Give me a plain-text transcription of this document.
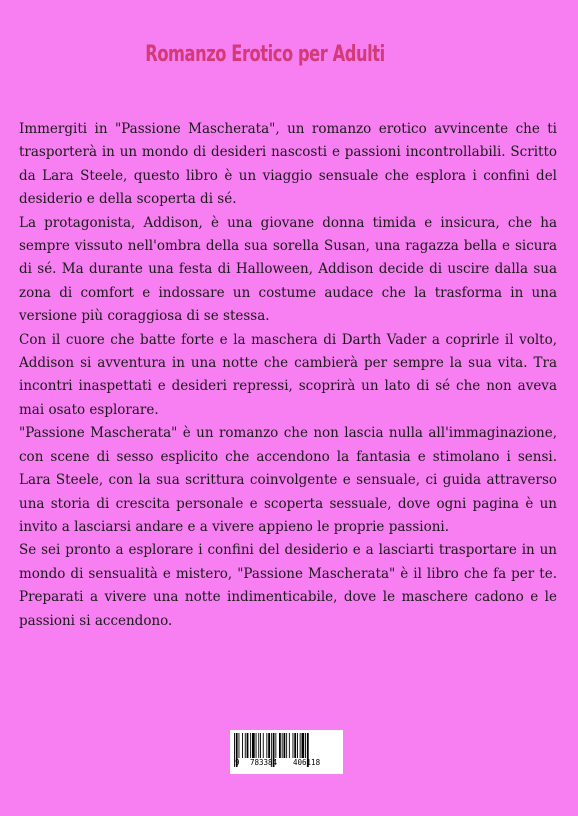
Romanzo Erotico per Adulti

Immergiti in "Passione Mascherata", un romanzo erotico avvincente che ti trasporterà in un mondo di desideri nascosti e passioni incontrollabili. Scritto da Lara Steele, questo libro è un viaggio sensuale che esplora i confini del desiderio e della scoperta di sé.

La protagonista, Addison, è una giovane donna timida e insicura, che ha sempre vissuto nell'ombra della sua sorella Susan, una ragazza bella e sicura di sé. Ma durante una festa di Halloween, Addison decide di uscire dalla sua zona di comfort e indossare un costume audace che la trasforma in una versione più coraggiosa di se stessa.

Con il cuore che batte forte e la maschera di Darth Vader a coprirle il volto, Addison si avventura in una notte che cambierà per sempre la sua vita. Tra incontri inaspettati e desideri repressi, scoprirà un lato di sé che non aveva mai osato esplorare.

"Passione Mascherata" è un romanzo che non lascia nulla all'immaginazione, con scene di sesso esplicito che accendono la fantasia e stimolano i sensi. Lara Steele, con la sua scrittura coinvolgente e sensuale, ci guida attraverso una storia di crescita personale e scoperta sessuale, dove ogni pagina è un invito a lasciarsi andare e a vivere appieno le proprie passioni.

Se sei pronto a esplorare i confini del desiderio e a lasciarti trasportare in un mondo di sensualità e mistero, "Passione Mascherata" è il libro che fa per te. Preparati a vivere una notte indimenticabile, dove le maschere cadono e le passioni si accendono.

9 783384 406118
